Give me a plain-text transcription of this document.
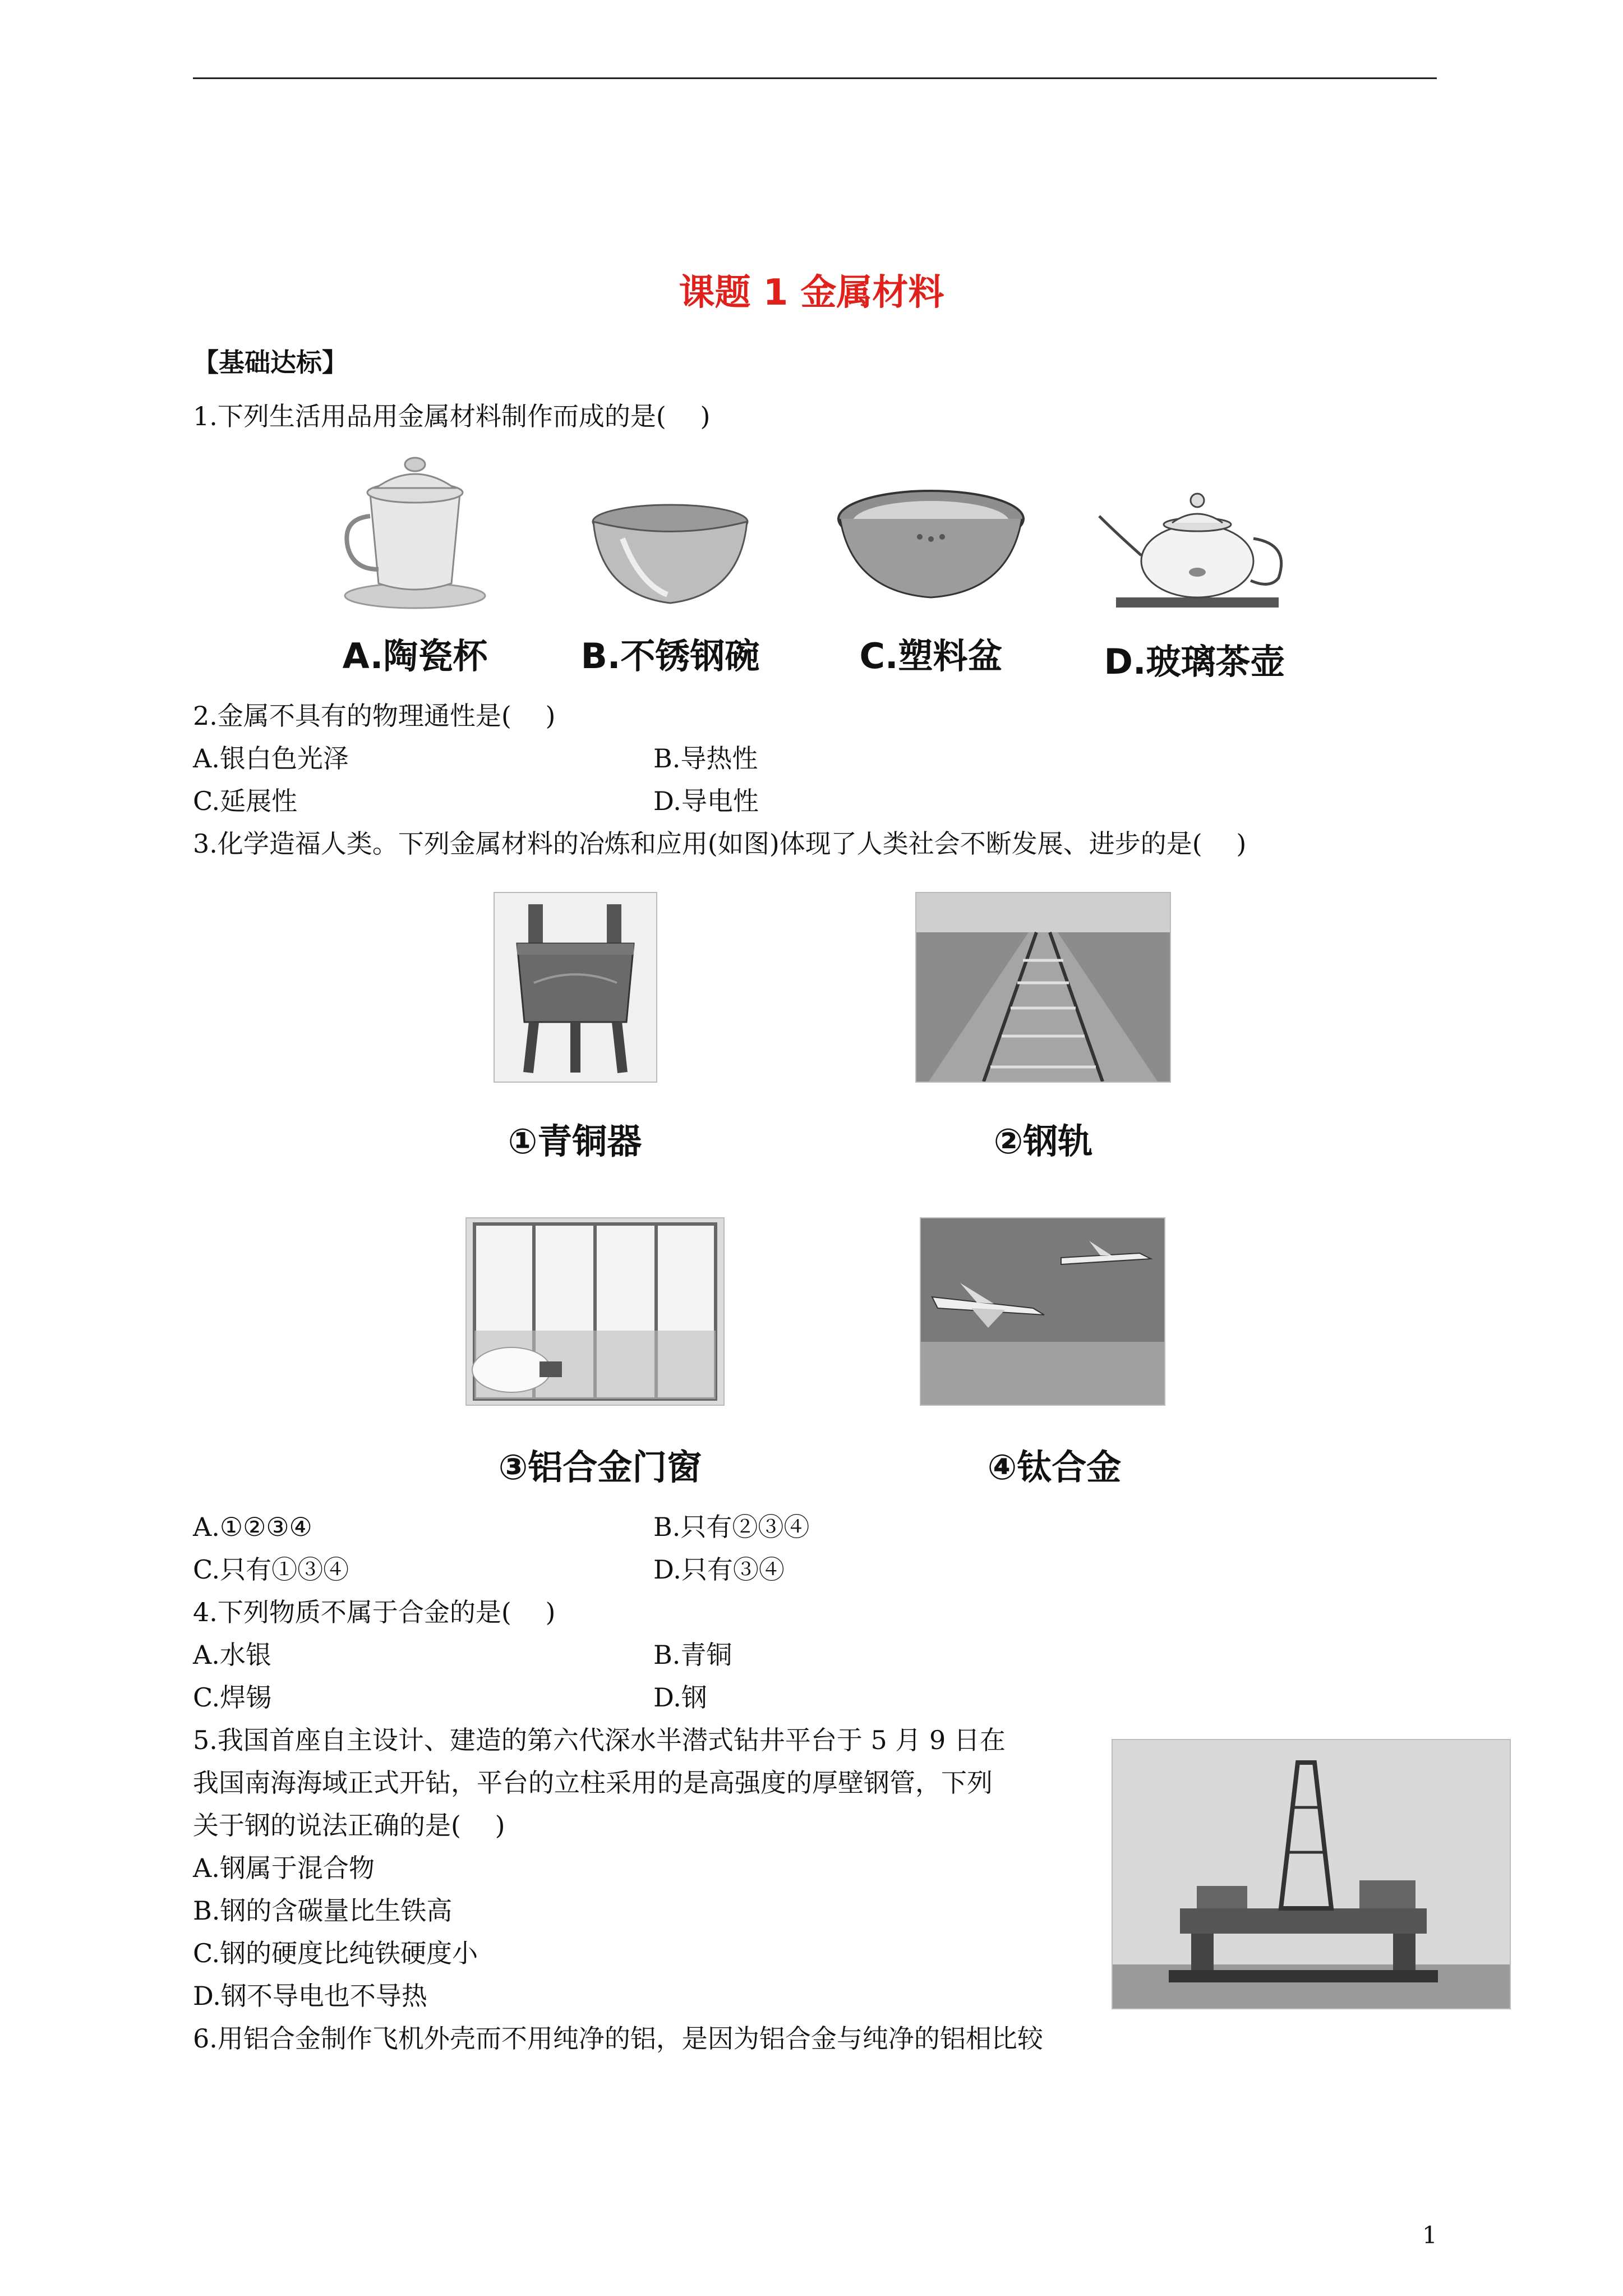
课题 1 金属材料
【基础达标】
1.下列生活用品用金属材料制作而成的是(　 )
A.陶瓷杯	B.不锈钢碗	C.塑料盆	D.玻璃茶壶
2.金属不具有的物理通性是(　 )
A.银白色光泽	B.导热性
C.延展性	D.导电性
3.化学造福人类。下列金属材料的冶炼和应用(如图)体现了人类社会不断发展、进步的是(　 )
①青铜器	②钢轨
③铝合金门窗	④钛合金
A.①②③④	B.只有②③④
C.只有①③④	D.只有③④
4.下列物质不属于合金的是(　 )
A.水银	B.青铜
C.焊锡	D.钢
5.我国首座自主设计、建造的第六代深水半潜式钻井平台于 5 月 9 日在
我国南海海域正式开钻，平台的立柱采用的是高强度的厚壁钢管，下列
关于钢的说法正确的是(　 )
A.钢属于混合物
B.钢的含碳量比生铁高
C.钢的硬度比纯铁硬度小
D.钢不导电也不导热
6.用铝合金制作飞机外壳而不用纯净的铝，是因为铝合金与纯净的铝相比较
1
